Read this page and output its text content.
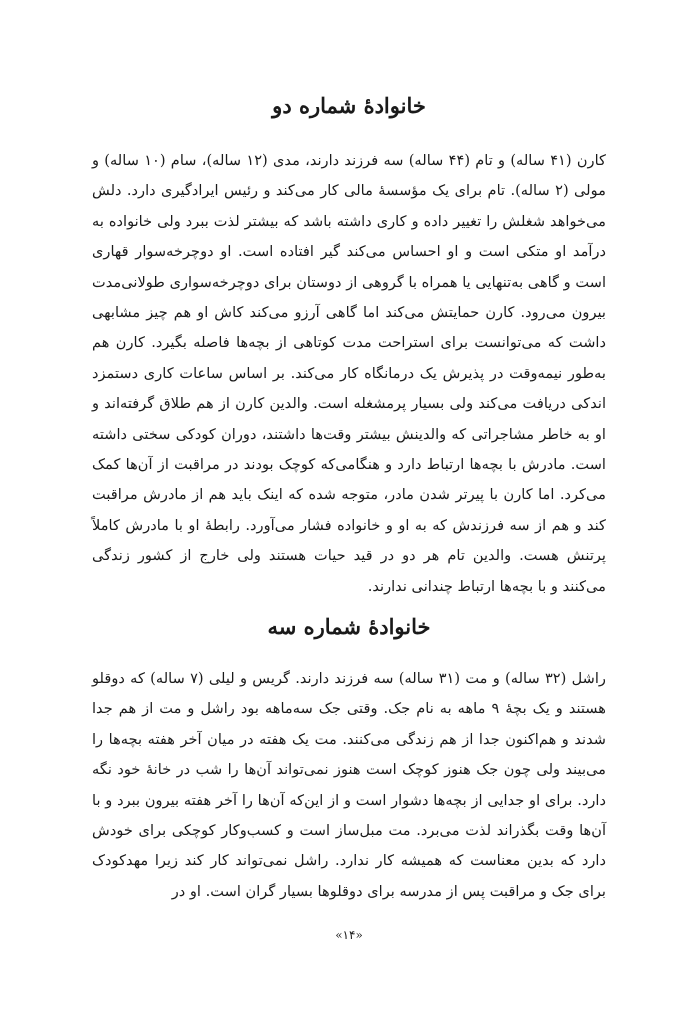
خانوادهٔ شماره دو

کارن (۴۱ ساله) و تام (۴۴ ساله) سه فرزند دارند، مدی (۱۲ ساله)، سام (۱۰ ساله) و مولی (۲ ساله). تام برای یک مؤسسهٔ مالی کار می‌کند و رئیس ایرادگیری دارد. دلش می‌خواهد شغلش را تغییر داده و کاری داشته باشد که بیشتر لذت ببرد ولی خانواده به درآمد او متکی است و او احساس می‌کند گیر افتاده است. او دوچرخه‌سوار قهاری است و گاهی به‌تنهایی یا همراه با گروهی از دوستان برای دوچرخه‌سواری طولانی‌مدت بیرون می‌رود. کارن حمایتش می‌کند اما گاهی آرزو می‌کند کاش او هم چیز مشابهی داشت که می‌توانست برای استراحت مدت کوتاهی از بچه‌ها فاصله بگیرد. کارن هم به‌طور نیمه‌وقت در پذیرش یک درمانگاه کار می‌کند. بر اساس ساعات کاری دستمزد اندکی دریافت می‌کند ولی بسیار پرمشغله است. والدین کارن از هم طلاق گرفته‌اند و او به خاطر مشاجراتی که والدینش بیشتر وقت‌ها داشتند، دوران کودکی سختی داشته است. مادرش با بچه‌ها ارتباط دارد و هنگامی‌که کوچک بودند در مراقبت از آن‌ها کمک می‌کرد. اما کارن با پیرتر شدن مادر، متوجه شده که اینک باید هم از مادرش مراقبت کند و هم از سه فرزندش که به او و خانواده فشار می‌آورد. رابطهٔ او با مادرش کاملاً پرتنش هست. والدین تام هر دو در قید حیات هستند ولی خارج از کشور زندگی می‌کنند و با بچه‌ها ارتباط چندانی ندارند.

خانوادهٔ شماره سه

راشل (۳۲ ساله) و مت (۳۱ ساله) سه فرزند دارند. گریس و لیلی (۷ ساله) که دوقلو هستند و یک بچهٔ ۹ ماهه به نام جک. وقتی جک سه‌ماهه بود راشل و مت از هم جدا شدند و هم‌اکنون جدا از هم زندگی می‌کنند. مت یک هفته در میان آخر هفته بچه‌ها را می‌بیند ولی چون جک هنوز کوچک است هنوز نمی‌تواند آن‌ها را شب در خانهٔ خود نگه دارد. برای او جدایی از بچه‌ها دشوار است و از این‌که آن‌ها را آخر هفته بیرون ببرد و با آن‌ها وقت بگذراند لذت می‌برد. مت مبل‌ساز است و کسب‌وکار کوچکی برای خودش دارد که بدین معناست که همیشه کار ندارد. راشل نمی‌تواند کار کند زیرا مهدکودک برای جک و مراقبت پس از مدرسه برای دوقلوها بسیار گران است. او در

«۱۴»
